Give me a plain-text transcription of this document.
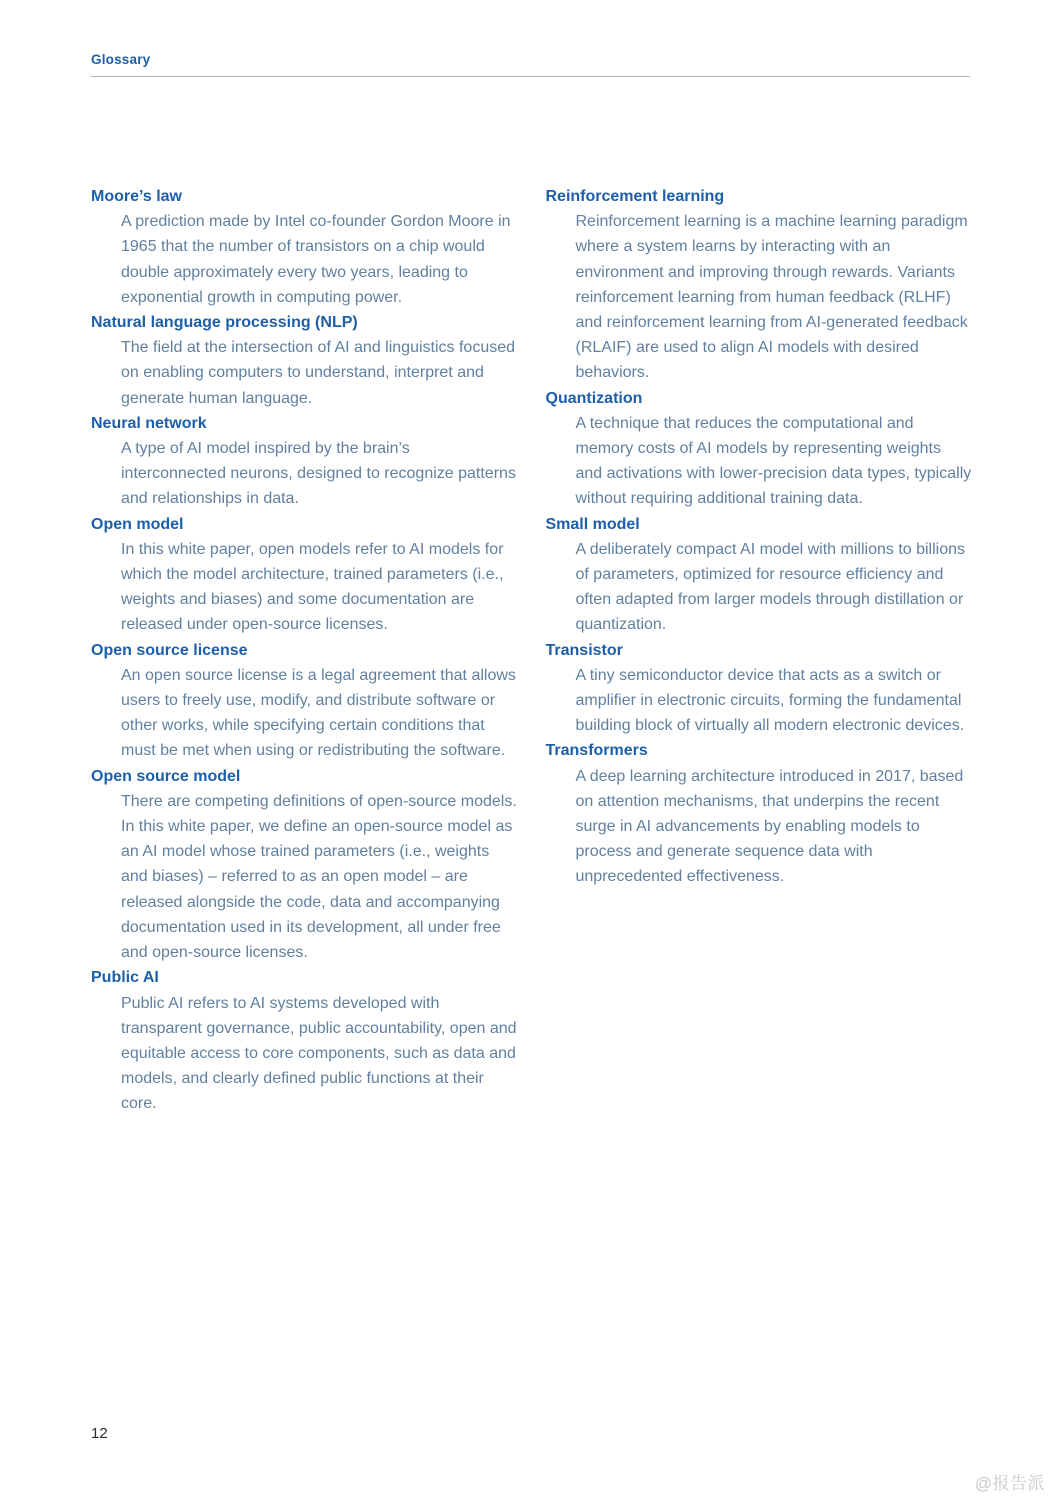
Glossary
Moore’s law
A prediction made by Intel co-founder Gordon Moore in 1965 that the number of transistors on a chip would double approximately every two years, leading to exponential growth in computing power.
Natural language processing (NLP)
The field at the intersection of AI and linguistics focused on enabling computers to understand, interpret and generate human language.
Neural network
A type of AI model inspired by the brain’s interconnected neurons, designed to recognize patterns and relationships in data.
Open model
In this white paper, open models refer to AI models for which the model architecture, trained parameters (i.e., weights and biases) and some documentation are released under open-source licenses.
Open source license
An open source license is a legal agreement that allows users to freely use, modify, and distribute software or other works, while specifying certain conditions that must be met when using or redistributing the software.
Open source model
There are competing definitions of open-source models. In this white paper, we define an open-source model as an AI model whose trained parameters (i.e., weights and biases) – referred to as an open model – are released alongside the code, data and accompanying documentation used in its development, all under free and open-source licenses.
Public AI
Public AI refers to AI systems developed with transparent governance, public accountability, open and equitable access to core components, such as data and models, and clearly defined public functions at their core.
Reinforcement learning
Reinforcement learning is a machine learning paradigm where a system learns by interacting with an environment and improving through rewards. Variants reinforcement learning from human feedback (RLHF) and reinforcement learning from AI-generated feedback (RLAIF) are used to align AI models with desired behaviors.
Quantization
A technique that reduces the computational and memory costs of AI models by representing weights and activations with lower-precision data types, typically without requiring additional training data.
Small model
A deliberately compact AI model with millions to billions of parameters, optimized for resource efficiency and often adapted from larger models through distillation or quantization.
Transistor
A tiny semiconductor device that acts as a switch or amplifier in electronic circuits, forming the fundamental building block of virtually all modern electronic devices.
Transformers
A deep learning architecture introduced in 2017, based on attention mechanisms, that underpins the recent surge in AI advancements by enabling models to process and generate sequence data with unprecedented effectiveness.
12
@报告派
